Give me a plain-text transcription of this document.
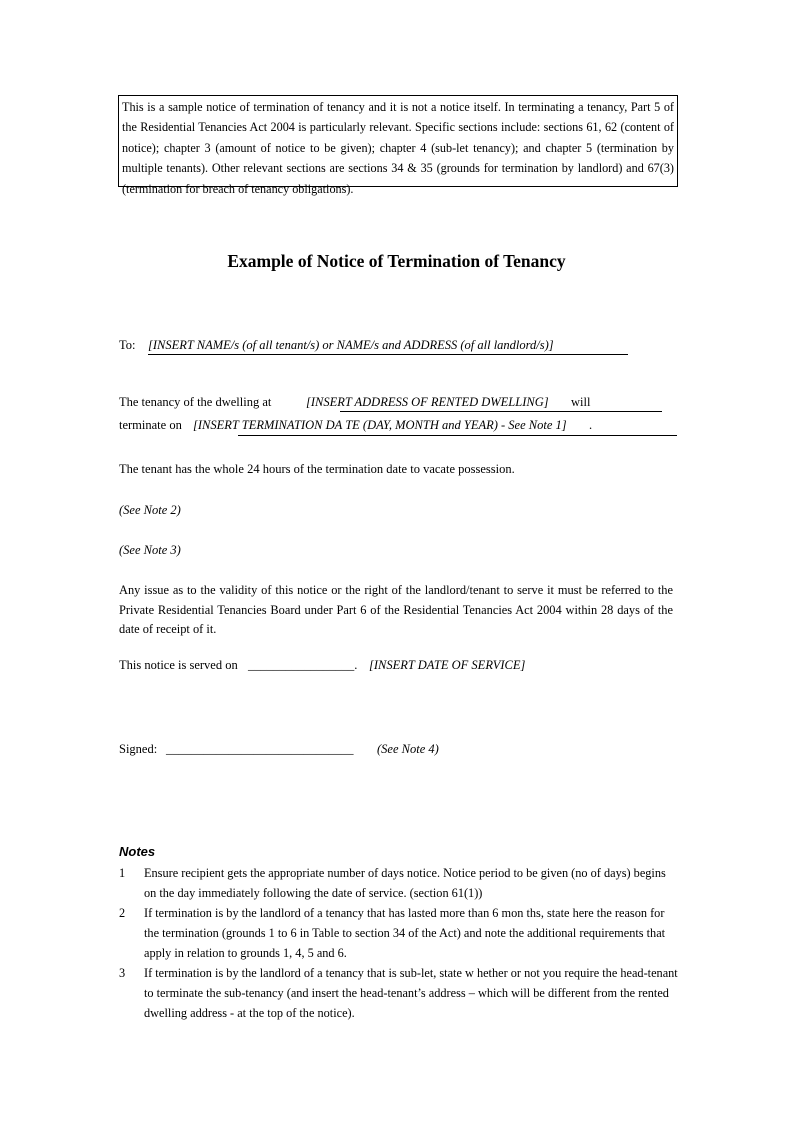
This is a sample notice of termination of tenancy and it is not a notice itself. In terminating a tenancy, Part 5 of the Residential Tenancies Act 2004 is particularly relevant. Specific sections include: sections 61, 62 (content of notice); chapter 3 (amount of notice to be given); chapter 4 (sub-let tenancy); and chapter 5 (termination by multiple tenants). Other relevant sections are sections 34 & 35 (grounds for termination by landlord) and 67(3) (termination for breach of tenancy obligations).
Example of Notice of Termination of Tenancy
To: [INSERT NAME/s (of all tenant/s) or NAME/s and ADDRESS (of all landlord/s)]
The tenancy of the dwelling at	[INSERT ADDRESS OF RENTED DWELLING] will
terminate on [INSERT TERMINATION DA TE (DAY, MONTH and YEAR) - See Note 1] .
The tenant has the whole 24 hours of the termination date to vacate possession.
(See Note 2)
(See Note 3)
Any issue as to the validity of this notice or the right of the landlord/tenant to serve it must be referred to the Private Residential Tenancies Board under Part 6 of the Residential Tenancies Act 2004 within 28 days of the date of receipt of it.
This notice is served on _________________. [INSERT DATE OF SERVICE]
Signed: ______________________________ (See Note 4)
Notes
1 Ensure recipient gets the appropriate number of days notice. Notice period to be given (no of days) begins on the day immediately following the date of service. (section 61(1))
2 If termination is by the landlord of a tenancy that has lasted more than 6 mon ths, state here the reason for the termination (grounds 1 to 6 in Table to section 34 of the Act) and note the additional requirements that apply in relation to grounds 1, 4, 5 and 6.
3 If termination is by the landlord of a tenancy that is sub-let, state w hether or not you require the head-tenant to terminate the sub-tenancy (and insert the head-tenant’s address – which will be different from the rented dwelling address - at the top of the notice).
